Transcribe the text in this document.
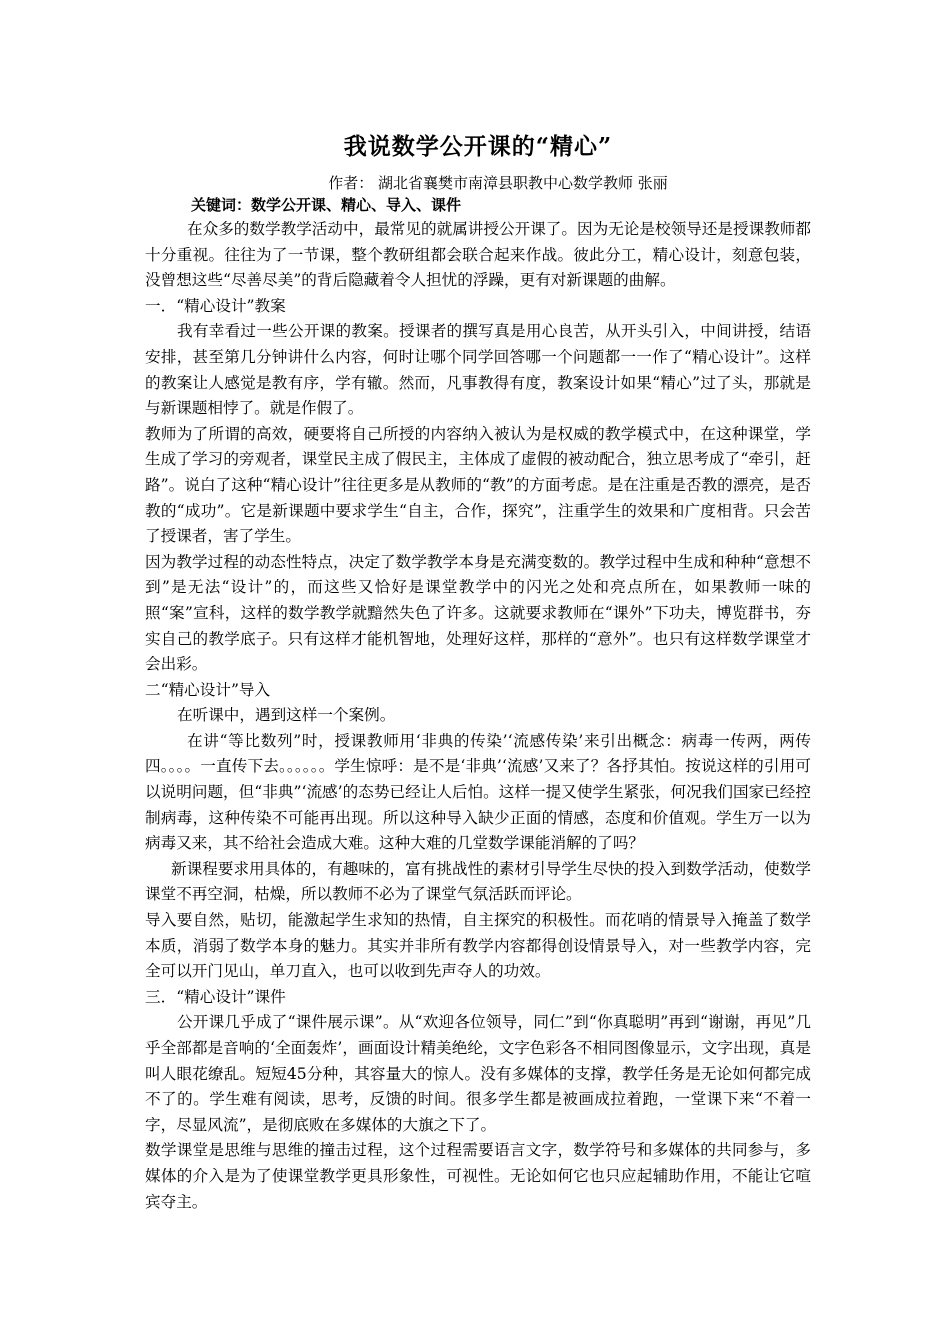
我说数学公开课的“精心”

作者： 湖北省襄樊市南漳县职教中心数学教师 张丽

关键词：数学公开课、精心、导入、课件

在众多的数学教学活动中，最常见的就属讲授公开课了。因为无论是校领导还是授课教师都十分重视。往往为了一节课，整个教研组都会联合起来作战。彼此分工，精心设计，刻意包装，没曾想这些“尽善尽美”的背后隐藏着令人担忧的浮躁，更有对新课题的曲解。

一．“精心设计”教案

我有幸看过一些公开课的教案。授课者的撰写真是用心良苦，从开头引入，中间讲授，结语安排，甚至第几分钟讲什么内容，何时让哪个同学回答哪一个问题都一一作了“精心设计”。这样的教案让人感觉是教有序，学有辙。然而，凡事教得有度，教案设计如果“精心”过了头，那就是与新课题相悖了。就是作假了。

教师为了所谓的高效，硬要将自己所授的内容纳入被认为是权威的教学模式中，在这种课堂，学生成了学习的旁观者，课堂民主成了假民主，主体成了虚假的被动配合，独立思考成了“牵引，赶路”。说白了这种“精心设计”往往更多是从教师的“教”的方面考虑。是在注重是否教的漂亮，是否教的“成功”。它是新课题中要求学生“自主，合作，探究”，注重学生的效果和广度相背。只会苦了授课者，害了学生。

因为教学过程的动态性特点，决定了数学教学本身是充满变数的。教学过程中生成和种种“意想不到”是无法“设计”的，而这些又恰好是课堂教学中的闪光之处和亮点所在，如果教师一味的照“案”宣科，这样的数学教学就黯然失色了许多。这就要求教师在“课外”下功夫，博览群书，夯实自己的教学底子。只有这样才能机智地，处理好这样，那样的“意外”。也只有这样数学课堂才会出彩。

二“精心设计”导入

在听课中，遇到这样一个案例。

在讲“等比数列”时，授课教师用‘非典的传染’‘流感传染’来引出概念：病毒一传两，两传四。。。。一直传下去。。。。。。学生惊呼：是不是‘非典’‘流感’又来了？各抒其怕。按说这样的引用可以说明问题，但“非典”‘流感’的态势已经让人后怕。这样一提又使学生紧张，何况我们国家已经控制病毒，这种传染不可能再出现。所以这种导入缺少正面的情感，态度和价值观。学生万一以为病毒又来，其不给社会造成大难。这种大难的几堂数学课能消解的了吗？

新课程要求用具体的，有趣味的，富有挑战性的素材引导学生尽快的投入到数学活动，使数学课堂不再空洞，枯燥，所以教师不必为了课堂气氛活跃而评论。

导入要自然，贴切，能激起学生求知的热情，自主探究的积极性。而花哨的情景导入掩盖了数学本质，消弱了数学本身的魅力。其实并非所有教学内容都得创设情景导入，对一些教学内容，完全可以开门见山，单刀直入，也可以收到先声夺人的功效。

三．“精心设计”课件

公开课几乎成了“课件展示课”。从“欢迎各位领导，同仁”到“你真聪明”再到“谢谢，再见”几乎全部都是音响的‘全面轰炸’，画面设计精美绝纶，文字色彩各不相同图像显示，文字出现，真是叫人眼花缭乱。短短45分种，其容量大的惊人。没有多媒体的支撑，教学任务是无论如何都完成不了的。学生难有阅读，思考，反馈的时间。很多学生都是被画成拉着跑，一堂课下来“不着一字，尽显风流”，是彻底败在多媒体的大旗之下了。

数学课堂是思维与思维的撞击过程，这个过程需要语言文字，数学符号和多媒体的共同参与，多媒体的介入是为了使课堂教学更具形象性，可视性。无论如何它也只应起辅助作用，不能让它喧宾夺主。
